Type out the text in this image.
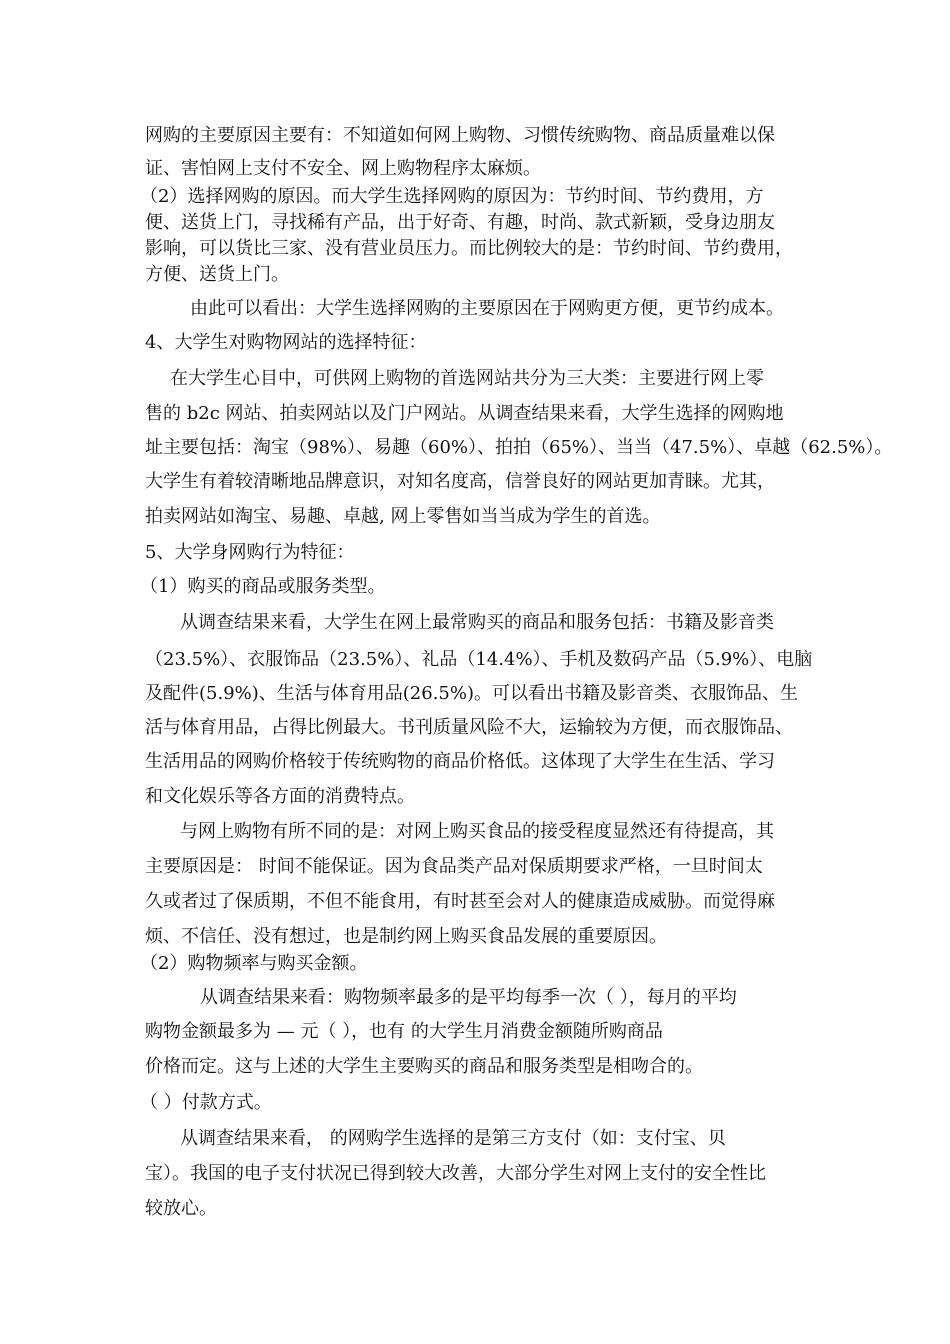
网购的主要原因主要有：不知道如何网上购物、习惯传统购物、商品质量难以保

证、害怕网上支付不安全、网上购物程序太麻烦。

（2）选择网购的原因。而大学生选择网购的原因为：节约时间、节约费用，方

便、送货上门，寻找稀有产品，出于好奇、有趣，时尚、款式新颖，受身边朋友

影响，可以货比三家、没有营业员压力。而比例较大的是：节约时间、节约费用，

方便、送货上门。

由此可以看出：大学生选择网购的主要原因在于网购更方便，更节约成本。

4、大学生对购物网站的选择特征：

在大学生心目中，可供网上购物的首选网站共分为三大类：主要进行网上零

售的 b2c 网站、拍卖网站以及门户网站。从调查结果来看，大学生选择的网购地

址主要包括：淘宝（98%）、易趣（60%）、拍拍（65%）、当当（47.5%）、卓越（62.5%）。

大学生有着较清晰地品牌意识，对知名度高，信誉良好的网站更加青睐。尤其，

拍卖网站如淘宝、易趣、卓越, 网上零售如当当成为学生的首选。

5、大学身网购行为特征：

（1）购买的商品或服务类型。

从调查结果来看，大学生在网上最常购买的商品和服务包括：书籍及影音类

（23.5%）、衣服饰品（23.5%）、礼品（14.4%）、手机及数码产品（5.9%）、电脑

及配件(5.9%)、生活与体育用品(26.5%)。可以看出书籍及影音类、衣服饰品、生

活与体育用品，占得比例最大。书刊质量风险不大，运输较为方便，而衣服饰品、

生活用品的网购价格较于传统购物的商品价格低。这体现了大学生在生活、学习

和文化娱乐等各方面的消费特点。

与网上购物有所不同的是：对网上购买食品的接受程度显然还有待提高，其

主要原因是： 时间不能保证。因为食品类产品对保质期要求严格，一旦时间太

久或者过了保质期，不但不能食用，有时甚至会对人的健康造成威胁。而觉得麻

烦、不信任、没有想过，也是制约网上购买食品发展的重要原因。

（2）购物频率与购买金额。

从调查结果来看：购物频率最多的是平均每季一次（ ），每月的平均

购物金额最多为 — 元（ ），也有 的大学生月消费金额随所购商品

价格而定。这与上述的大学生主要购买的商品和服务类型是相吻合的。

（ ）付款方式。

从调查结果来看， 的网购学生选择的是第三方支付（如：支付宝、贝

宝）。我国的电子支付状况已得到较大改善，大部分学生对网上支付的安全性比

较放心。
